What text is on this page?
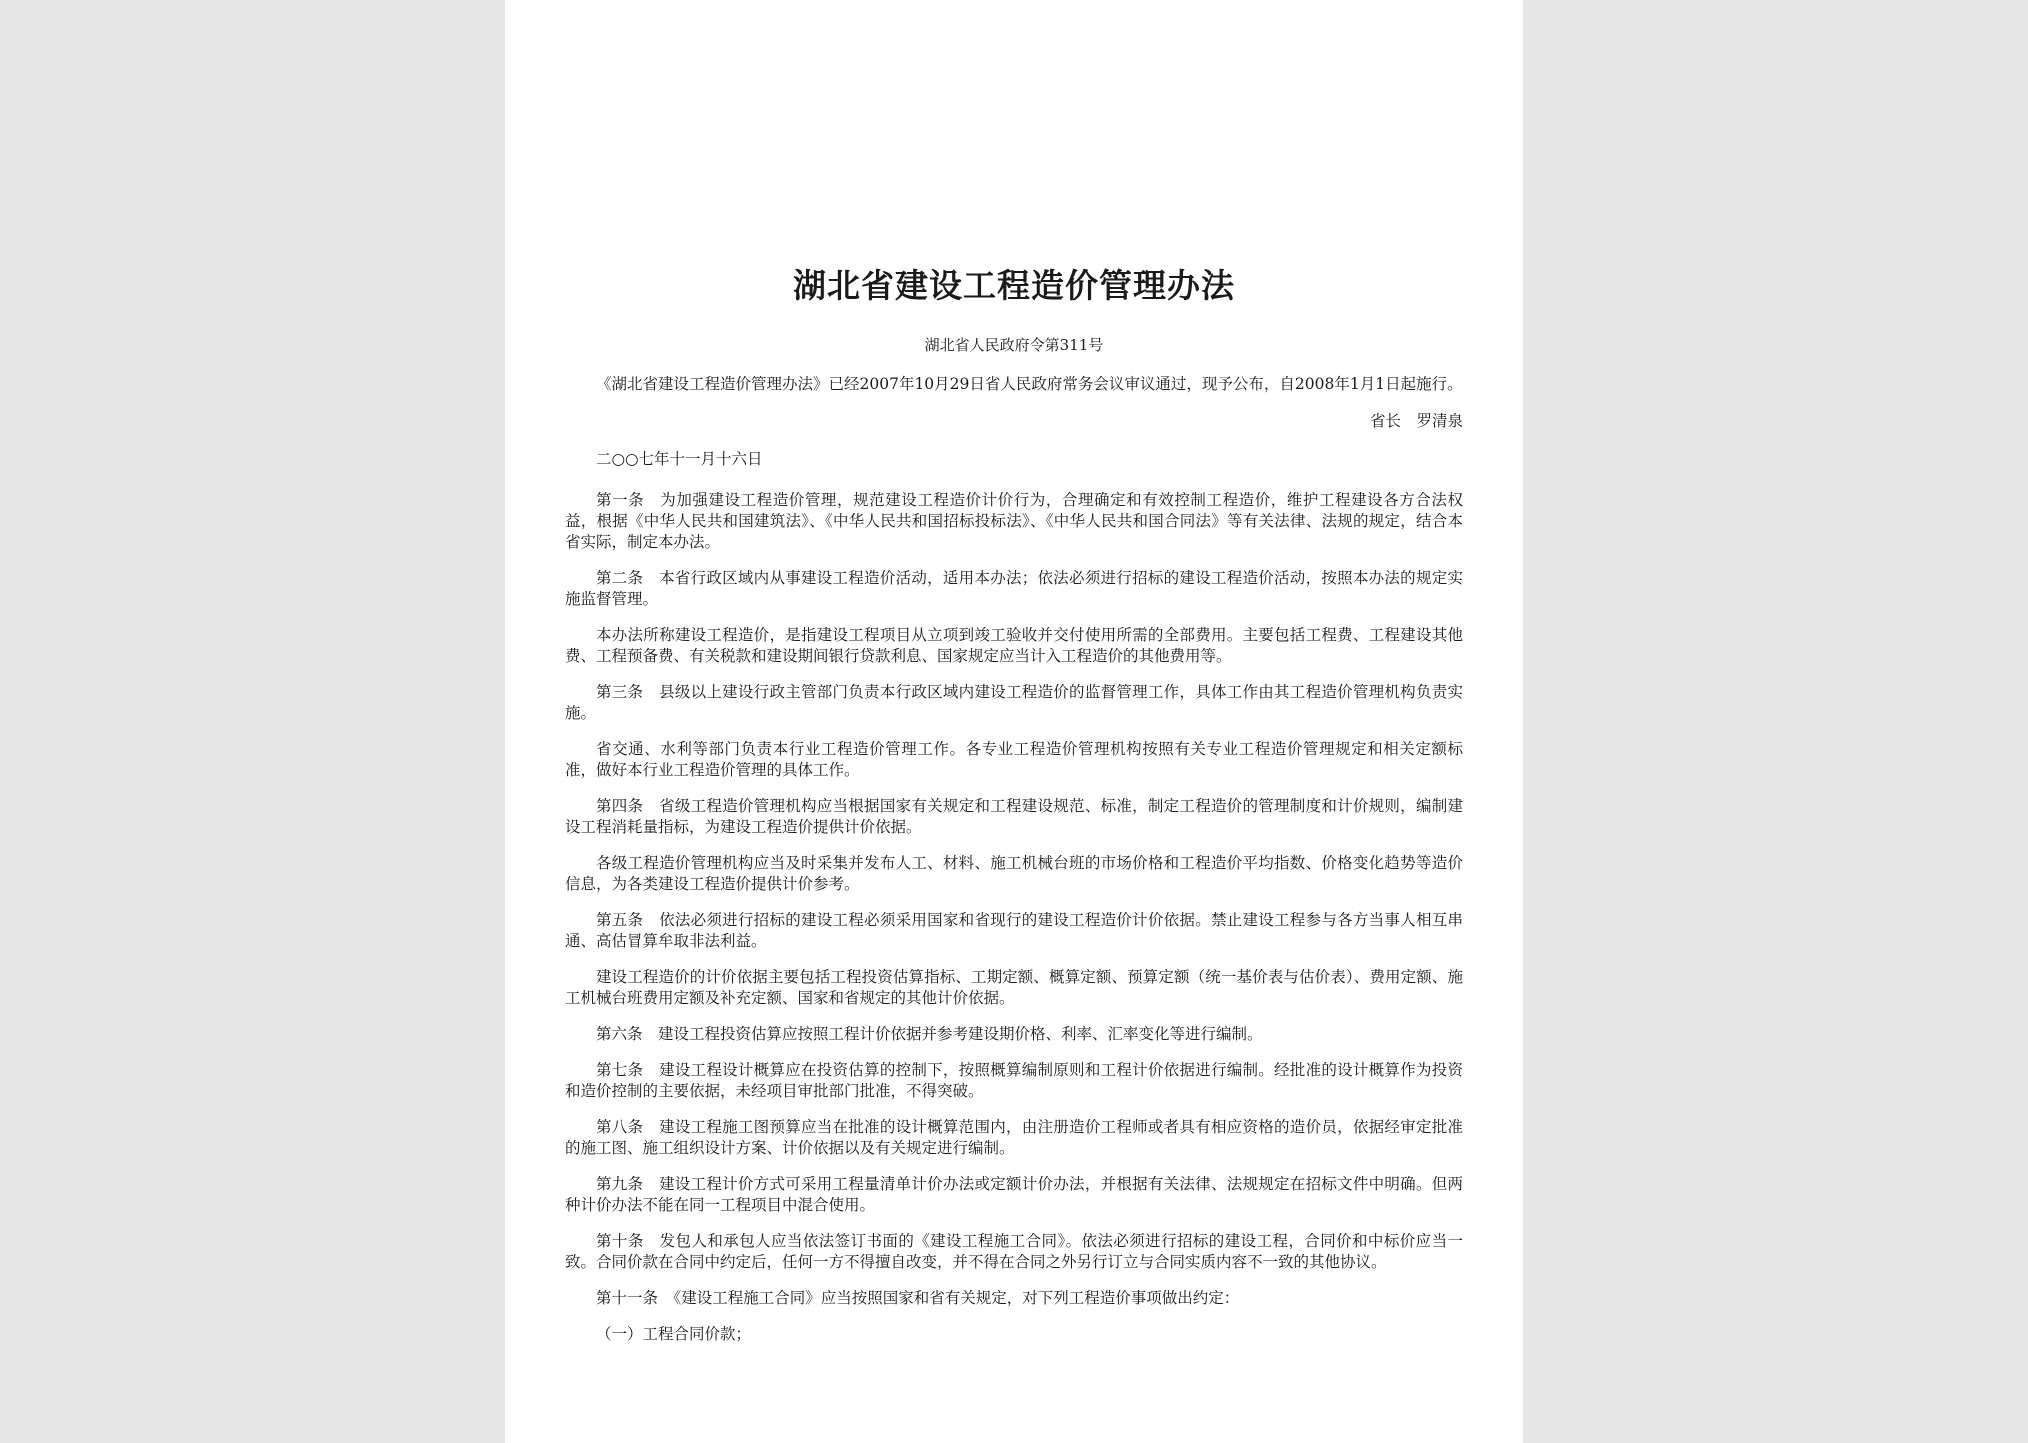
湖北省建设工程造价管理办法
湖北省人民政府令第311号
《湖北省建设工程造价管理办法》已经2007年10月29日省人民政府常务会议审议通过，现予公布，自2008年1月1日起施行。
省长　罗清泉
二○○七年十一月十六日
第一条　为加强建设工程造价管理，规范建设工程造价计价行为，合理确定和有效控制工程造价，维护工程建设各方合法权益，根据《中华人民共和国建筑法》、《中华人民共和国招标投标法》、《中华人民共和国合同法》等有关法律、法规的规定，结合本省实际，制定本办法。
第二条　本省行政区域内从事建设工程造价活动，适用本办法；依法必须进行招标的建设工程造价活动，按照本办法的规定实施监督管理。
本办法所称建设工程造价，是指建设工程项目从立项到竣工验收并交付使用所需的全部费用。主要包括工程费、工程建设其他费、工程预备费、有关税款和建设期间银行贷款利息、国家规定应当计入工程造价的其他费用等。
第三条　县级以上建设行政主管部门负责本行政区域内建设工程造价的监督管理工作，具体工作由其工程造价管理机构负责实施。
省交通、水利等部门负责本行业工程造价管理工作。各专业工程造价管理机构按照有关专业工程造价管理规定和相关定额标准，做好本行业工程造价管理的具体工作。
第四条　省级工程造价管理机构应当根据国家有关规定和工程建设规范、标准，制定工程造价的管理制度和计价规则，编制建设工程消耗量指标，为建设工程造价提供计价依据。
各级工程造价管理机构应当及时采集并发布人工、材料、施工机械台班的市场价格和工程造价平均指数、价格变化趋势等造价信息，为各类建设工程造价提供计价参考。
第五条　依法必须进行招标的建设工程必须采用国家和省现行的建设工程造价计价依据。禁止建设工程参与各方当事人相互串通、高估冒算牟取非法利益。
建设工程造价的计价依据主要包括工程投资估算指标、工期定额、概算定额、预算定额（统一基价表与估价表）、费用定额、施工机械台班费用定额及补充定额、国家和省规定的其他计价依据。
第六条　建设工程投资估算应按照工程计价依据并参考建设期价格、利率、汇率变化等进行编制。
第七条　建设工程设计概算应在投资估算的控制下，按照概算编制原则和工程计价依据进行编制。经批准的设计概算作为投资和造价控制的主要依据，未经项目审批部门批准，不得突破。
第八条　建设工程施工图预算应当在批准的设计概算范围内，由注册造价工程师或者具有相应资格的造价员，依据经审定批准的施工图、施工组织设计方案、计价依据以及有关规定进行编制。
第九条　建设工程计价方式可采用工程量清单计价办法或定额计价办法，并根据有关法律、法规规定在招标文件中明确。但两种计价办法不能在同一工程项目中混合使用。
第十条　发包人和承包人应当依法签订书面的《建设工程施工合同》。依法必须进行招标的建设工程，合同价和中标价应当一致。合同价款在合同中约定后，任何一方不得擅自改变，并不得在合同之外另行订立与合同实质内容不一致的其他协议。
第十一条　《建设工程施工合同》应当按照国家和省有关规定，对下列工程造价事项做出约定：
（一）工程合同价款；
